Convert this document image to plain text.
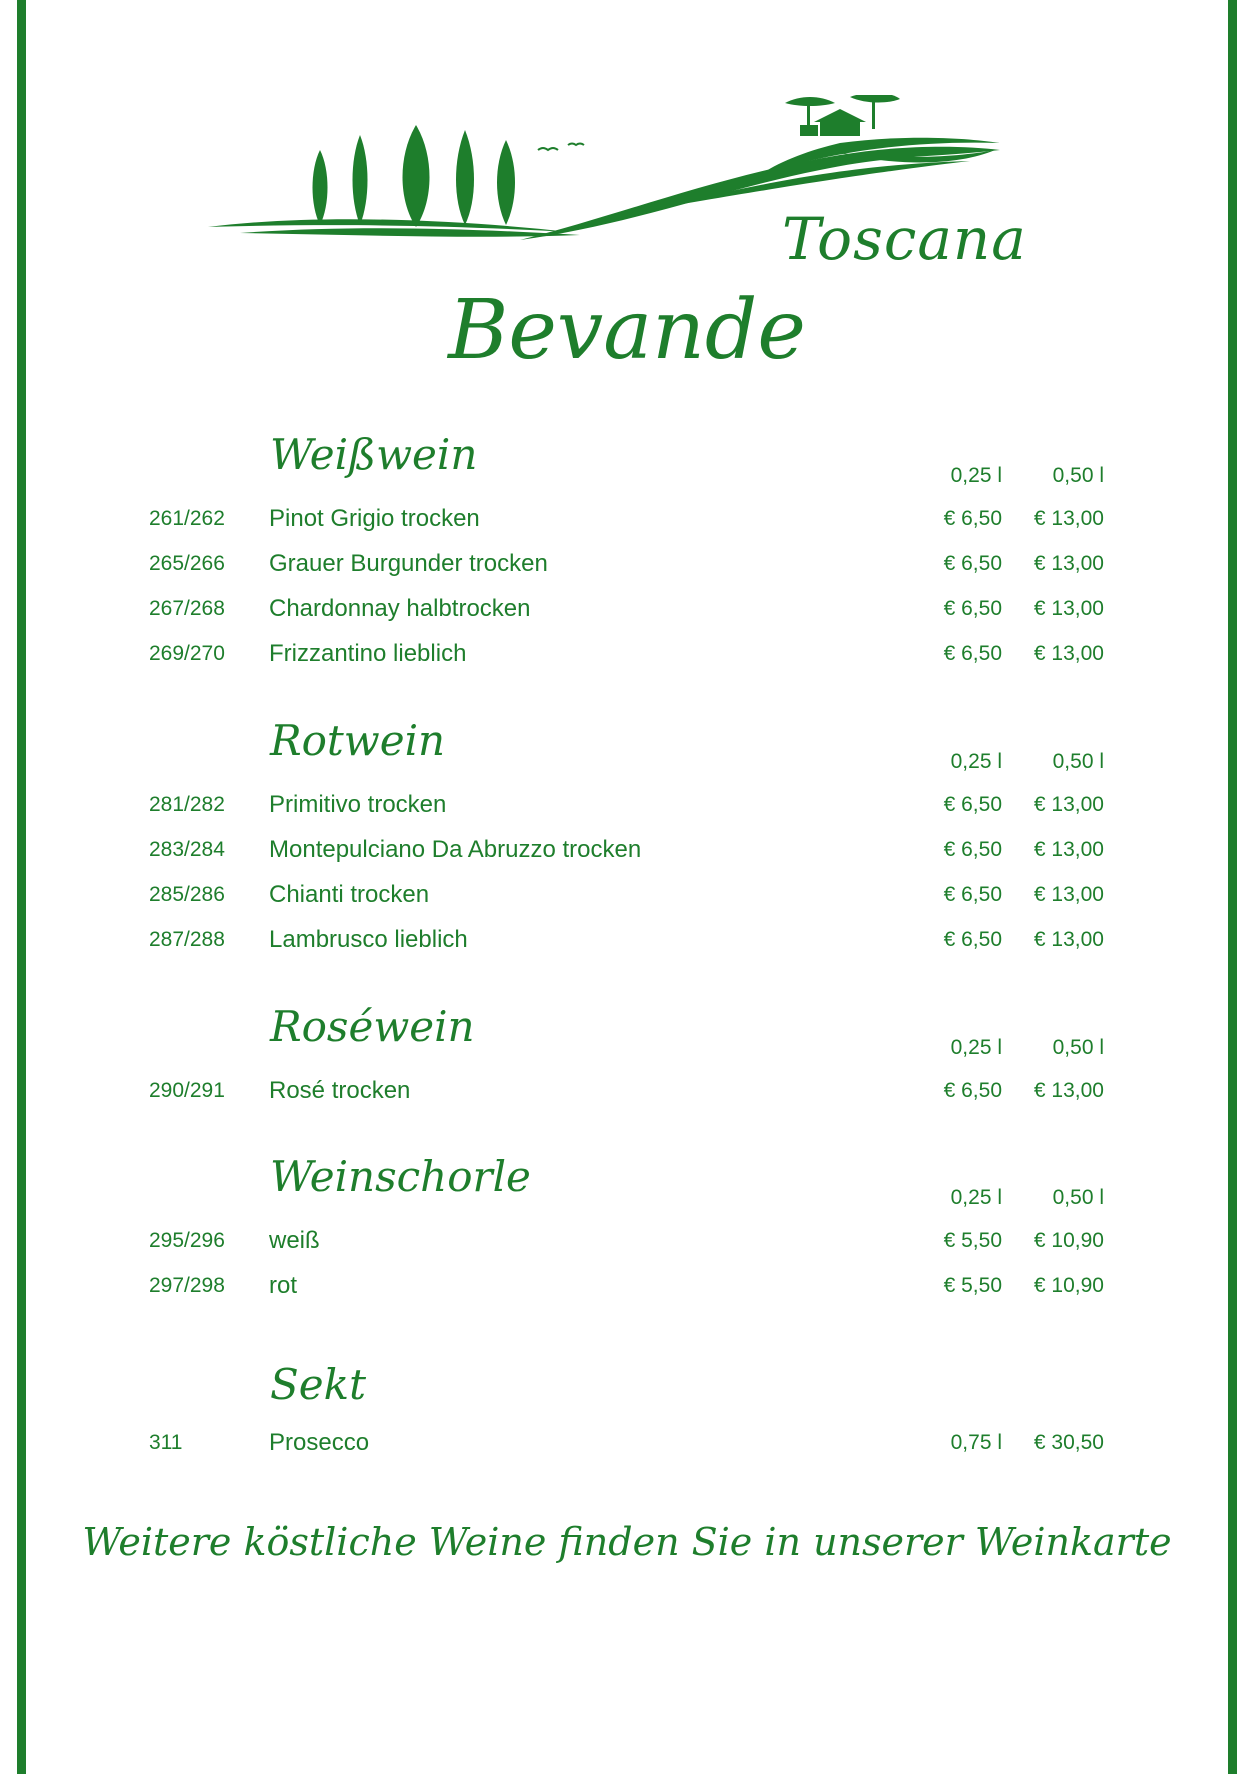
Toscana
Bevande
Weißwein	0,25 l 0,50 l
261/262 Pinot Grigio trocken	€ 6,50 € 13,00
265/266 Grauer Burgunder trocken	€ 6,50 € 13,00
267/268 Chardonnay halbtrocken	€ 6,50 € 13,00
269/270 Frizzantino lieblich	€ 6,50 € 13,00
Rotwein	0,25 l 0,50 l
281/282 Primitivo trocken	€ 6,50 € 13,00
283/284 Montepulciano Da Abruzzo trocken	€ 6,50 € 13,00
285/286 Chianti trocken	€ 6,50 € 13,00
287/288 Lambrusco lieblich	€ 6,50 € 13,00
Roséwein	0,25 l 0,50 l
290/291 Rosé trocken	€ 6,50 € 13,00
Weinschorle	0,25 l 0,50 l
295/296 weiß	€ 5,50 € 10,90
297/298 rot	€ 5,50 € 10,90
Sekt
311	Prosecco	0,75 l € 30,50
Weitere köstliche Weine finden Sie in unserer Weinkarte
